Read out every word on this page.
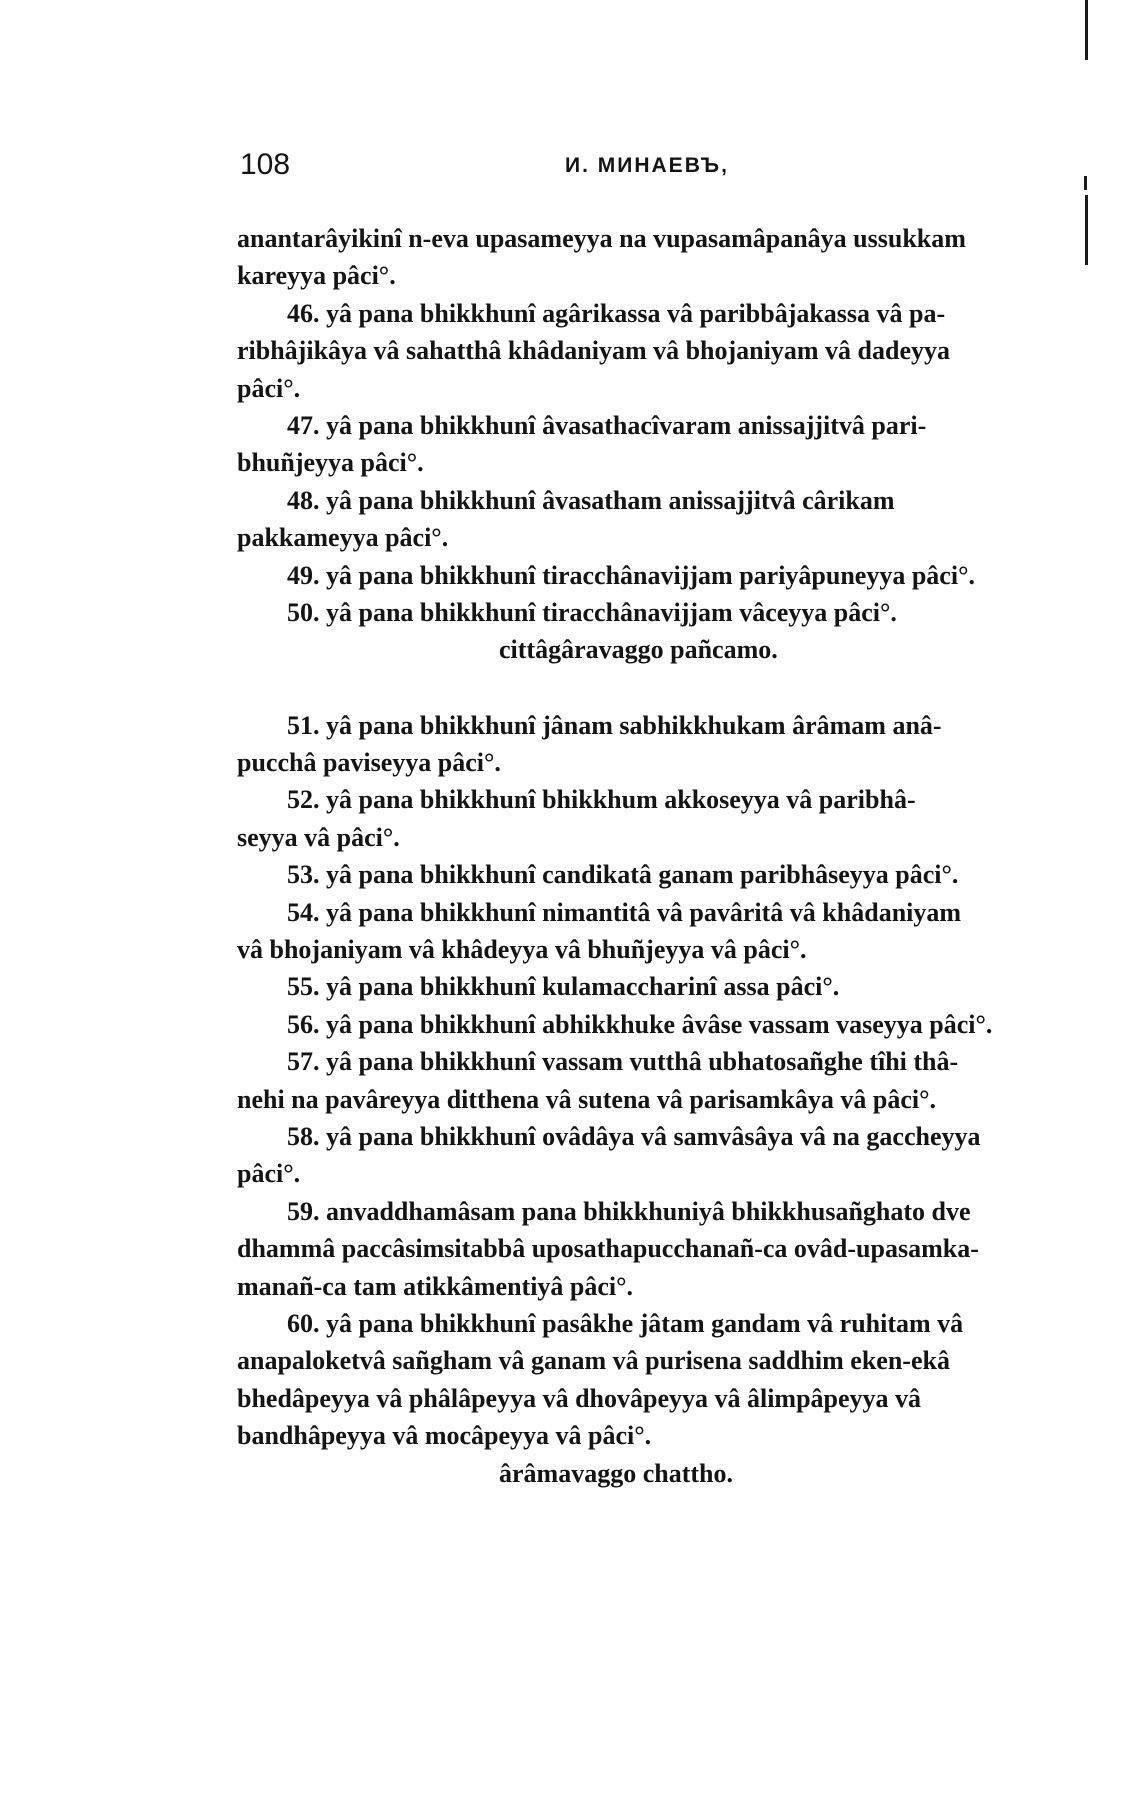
108	И. МИНАЕВЪ,
anantarâyikinî n-eva upasameyya na vupasamâpanâya ussukkam
kareyya pâci°.
46. yâ pana bhikkhunî agârikassa vâ paribbâjakassa vâ pa-
ribhâjikâya vâ sahatthâ khâdaniyam vâ bhojaniyam vâ dadeyya
pâci°.
47. yâ pana bhikkhunî âvasathacîvaram anissajjitvâ pari-
bhuñjeyya pâci°.
48. yâ pana bhikkhunî âvasatham anissajjitvâ cârikam
pakkameyya pâci°.
49. yâ pana bhikkhunî tiracchânavijjam pariyâpuneyya pâci°.
50. yâ pana bhikkhunî tiracchânavijjam vâceyya pâci°.
cittâgâravaggo pañcamo.
51. yâ pana bhikkhunî jânam sabhikkhukam ârâmam anâ-
pucchâ paviseyya pâci°.
52. yâ pana bhikkhunî bhikkhum akkoseyya vâ paribhâ-
seyya vâ pâci°.
53. yâ pana bhikkhunî candikatâ ganam paribhâseyya pâci°.
54. yâ pana bhikkhunî nimantitâ vâ pavâritâ vâ khâdaniyam
vâ bhojaniyam vâ khâdeyya vâ bhuñjeyya vâ pâci°.
55. yâ pana bhikkhunî kulamaccharinî assa pâci°.
56. yâ pana bhikkhunî abhikkhuke âvâse vassam vaseyya pâci°.
57. yâ pana bhikkhunî vassam vutthâ ubhatosañghe tîhi thâ-
nehi na pavâreyya ditthena vâ sutena vâ parisamkâya vâ pâci°.
58. yâ pana bhikkhunî ovâdâya vâ samvâsâya vâ na gaccheyya
pâci°.
59. anvaddhamâsam pana bhikkhuniyâ bhikkhusañghato dve
dhammâ paccâsimsitabbâ uposathapucchanañ-ca ovâd-upasamka-
manañ-ca tam atikkâmentiyâ pâci°.
60. yâ pana bhikkhunî pasâkhe jâtam gandam vâ ruhitam vâ
anapaloketvâ sañgham vâ ganam vâ purisena saddhim eken-ekâ
bhedâpeyya vâ phâlâpeyya vâ dhovâpeyya vâ âlimpâpeyya vâ
bandhâpeyya vâ mocâpeyya vâ pâci°.
ârâmavaggo chattho.
